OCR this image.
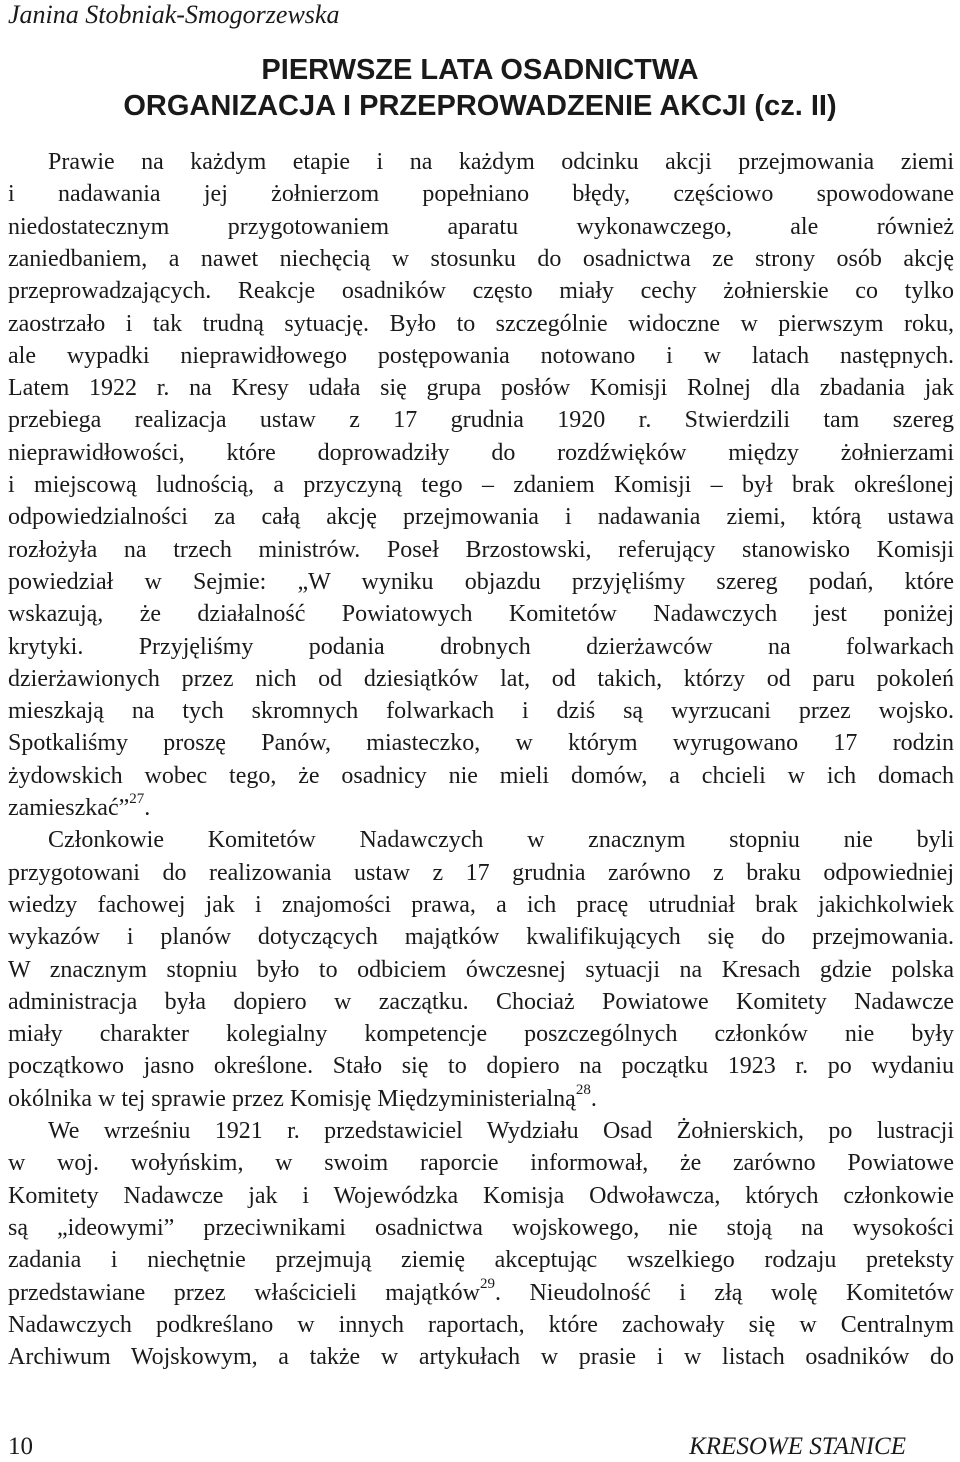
Janina Stobniak-Smogorzewska
PIERWSZE LATA OSADNICTWA
ORGANIZACJA I PRZEPROWADZENIE AKCJI (cz. II)
Prawie na każdym etapie i na każdym odcinku akcji przejmowania ziemi
i nadawania jej żołnierzom popełniano błędy, częściowo spowodowane
niedostatecznym przygotowaniem aparatu wykonawczego, ale również
zaniedbaniem, a nawet niechęcią w stosunku do osadnictwa ze strony osób akcję
przeprowadzających. Reakcje osadników często miały cechy żołnierskie co tylko
zaostrzało i tak trudną sytuację. Było to szczególnie widoczne w pierwszym roku,
ale wypadki nieprawidłowego postępowania notowano i w latach następnych.
Latem 1922 r. na Kresy udała się grupa posłów Komisji Rolnej dla zbadania jak
przebiega realizacja ustaw z 17 grudnia 1920 r. Stwierdzili tam szereg
nieprawidłowości, które doprowadziły do rozdźwięków między żołnierzami
i miejscową ludnością, a przyczyną tego – zdaniem Komisji – był brak określonej
odpowiedzialności za całą akcję przejmowania i nadawania ziemi, którą ustawa
rozłożyła na trzech ministrów. Poseł Brzostowski, referujący stanowisko Komisji
powiedział w Sejmie: „W wyniku objazdu przyjęliśmy szereg podań, które
wskazują, że działalność Powiatowych Komitetów Nadawczych jest poniżej
krytyki. Przyjęliśmy podania drobnych dzierżawców na folwarkach
dzierżawionych przez nich od dziesiątków lat, od takich, którzy od paru pokoleń
mieszkają na tych skromnych folwarkach i dziś są wyrzucani przez wojsko.
Spotkaliśmy proszę Panów, miasteczko, w którym wyrugowano 17 rodzin
żydowskich wobec tego, że osadnicy nie mieli domów, a chcieli w ich domach
zamieszkać”$^{27}$.
Członkowie Komitetów Nadawczych w znacznym stopniu nie byli
przygotowani do realizowania ustaw z 17 grudnia zarówno z braku odpowiedniej
wiedzy fachowej jak i znajomości prawa, a ich pracę utrudniał brak jakichkolwiek
wykazów i planów dotyczących majątków kwalifikujących się do przejmowania.
W znacznym stopniu było to odbiciem ówczesnej sytuacji na Kresach gdzie polska
administracja była dopiero w zaczątku. Chociaż Powiatowe Komitety Nadawcze
miały charakter kolegialny kompetencje poszczególnych członków nie były
początkowo jasno określone. Stało się to dopiero na początku 1923 r. po wydaniu
okólnika w tej sprawie przez Komisję Międzyministerialną$^{28}$.
We wrześniu 1921 r. przedstawiciel Wydziału Osad Żołnierskich, po lustracji
w woj. wołyńskim, w swoim raporcie informował, że zarówno Powiatowe
Komitety Nadawcze jak i Wojewódzka Komisja Odwoławcza, których członkowie
są „ideowymi” przeciwnikami osadnictwa wojskowego, nie stoją na wysokości
zadania i niechętnie przejmują ziemię akceptując wszelkiego rodzaju preteksty
przedstawiane przez właścicieli majątków$^{29}$. Nieudolność i złą wolę Komitetów
Nadawczych podkreślano w innych raportach, które zachowały się w Centralnym
Archiwum Wojskowym, a także w artykułach w prasie i w listach osadników do
10	KRESOWE STANICE
